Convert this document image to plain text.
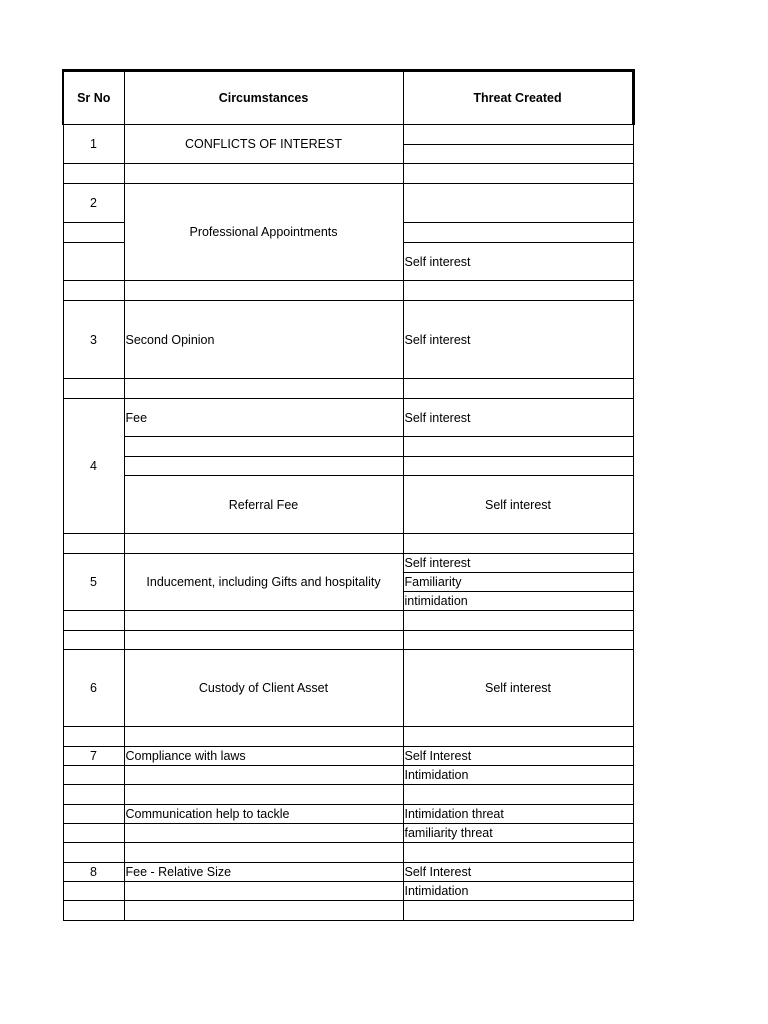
Sr No	Circumstances	Threat Created
1	CONFLICTS OF INTEREST	

2	Professional Appointments	

		Self interest

3	Second Opinion	Self interest

4	Fee	Self interest

	Referral Fee	Self interest

5	Inducement, including Gifts and hospitality	Self interest
		Familiarity
		intimidation

6	Custody of Client Asset	Self interest

7	Compliance with laws	Self Interest
		Intimidation

	Communication help to tackle	Intimidation threat
		familiarity threat

8	Fee - Relative Size	Self Interest
		Intimidation
